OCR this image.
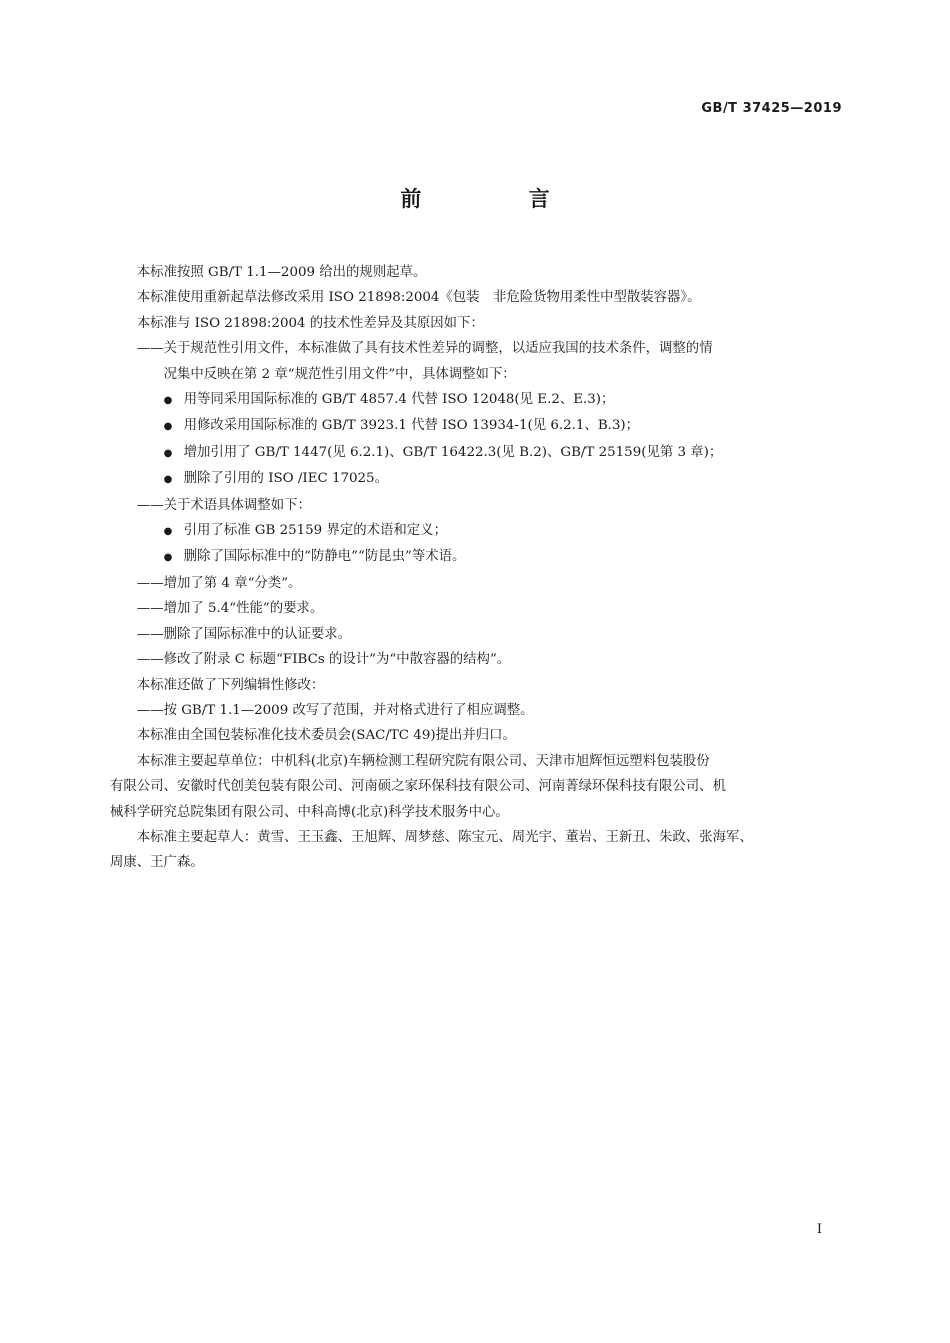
GB/T 37425—2019
前 言
本标准按照 GB/T 1.1—2009 给出的规则起草。
本标准使用重新起草法修改采用 ISO 21898:2004《包装　非危险货物用柔性中型散装容器》。
本标准与 ISO 21898:2004 的技术性差异及其原因如下：
——关于规范性引用文件，本标准做了具有技术性差异的调整，以适应我国的技术条件，调整的情
况集中反映在第 2 章“规范性引用文件”中，具体调整如下：
● 用等同采用国际标准的 GB/T 4857.4 代替 ISO 12048(见 E.2、E.3)；
● 用修改采用国际标准的 GB/T 3923.1 代替 ISO 13934-1(见 6.2.1、B.3)；
● 增加引用了 GB/T 1447(见 6.2.1)、GB/T 16422.3(见 B.2)、GB/T 25159(见第 3 章)；
● 删除了引用的 ISO /IEC 17025。
——关于术语具体调整如下：
● 引用了标准 GB 25159 界定的术语和定义；
● 删除了国际标准中的“防静电”“防昆虫”等术语。
——增加了第 4 章“分类”。
——增加了 5.4“性能”的要求。
——删除了国际标准中的认证要求。
——修改了附录 C 标题“FIBCs 的设计”为“中散容器的结构”。
本标准还做了下列编辑性修改：
——按 GB/T 1.1—2009 改写了范围，并对格式进行了相应调整。
本标准由全国包装标准化技术委员会(SAC/TC 49)提出并归口。
本标准主要起草单位：中机科(北京)车辆检测工程研究院有限公司、天津市旭辉恒远塑料包装股份
有限公司、安徽时代创美包装有限公司、河南硕之家环保科技有限公司、河南菁绿环保科技有限公司、机
械科学研究总院集团有限公司、中科高博(北京)科学技术服务中心。
本标准主要起草人：黄雪、王玉鑫、王旭辉、周梦慈、陈宝元、周光宇、董岩、王新丑、朱政、张海军、
周康、王广森。
I
